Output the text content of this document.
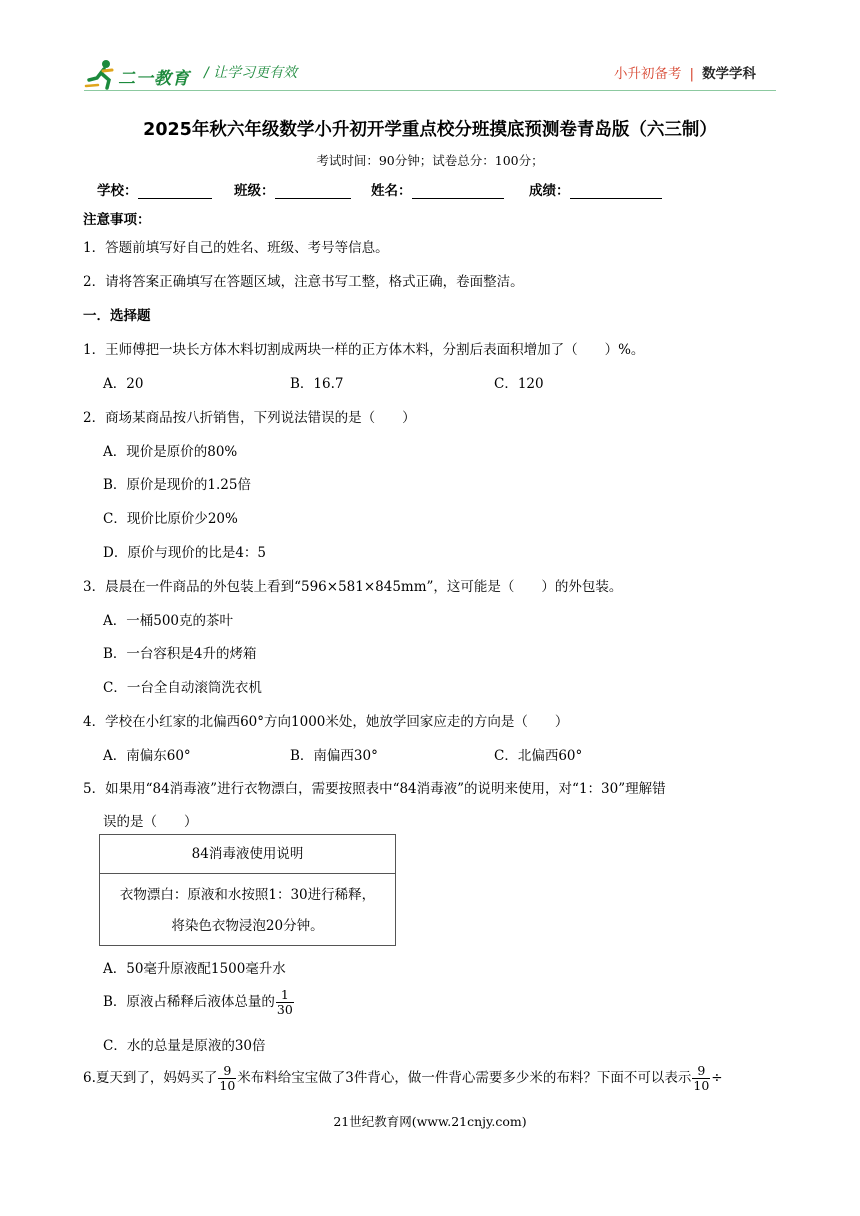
二一教育 / 让学习更有效	小升初备考 | 数学学科
2025年秋六年级数学小升初开学重点校分班摸底预测卷青岛版（六三制）
考试时间：90分钟；试卷总分：100分；
学校：	班级：	姓名：	成绩：
注意事项：
1．答题前填写好自己的姓名、班级、考号等信息。
2．请将答案正确填写在答题区域，注意书写工整，格式正确，卷面整洁。
一．选择题
1．王师傅把一块长方体木料切割成两块一样的正方体木料，分割后表面积增加了（　　）%。
A．20	B．16.7	C．120
2．商场某商品按八折销售，下列说法错误的是（　　）
A．现价是原价的80%
B．原价是现价的1.25倍
C．现价比原价少20%
D．原价与现价的比是4：5
3．晨晨在一件商品的外包装上看到“596×581×845mm”，这可能是（　　）的外包装。
A．一桶500克的茶叶
B．一台容积是4升的烤箱
C．一台全自动滚筒洗衣机
4．学校在小红家的北偏西60°方向1000米处，她放学回家应走的方向是（　　）
A．南偏东60°	B．南偏西30°	C．北偏西60°
5．如果用“84消毒液”进行衣物漂白，需要按照表中“84消毒液”的说明来使用，对“1：30”理解错
误的是（　　）
84消毒液使用说明
衣物漂白：原液和水按照1：30进行稀释，
将染色衣物浸泡20分钟。
A．50毫升原液配1500毫升水
B．原液占稀释后液体总量的 $\frac{1}{30}$
C．水的总量是原液的30倍
6.夏天到了，妈妈买了 $\frac{9}{10}$ 米布料给宝宝做了3件背心，做一件背心需要多少米的布料？下面不可以表示 $\frac{9}{10}$ ÷
21世纪教育网(www.21cnjy.com)
